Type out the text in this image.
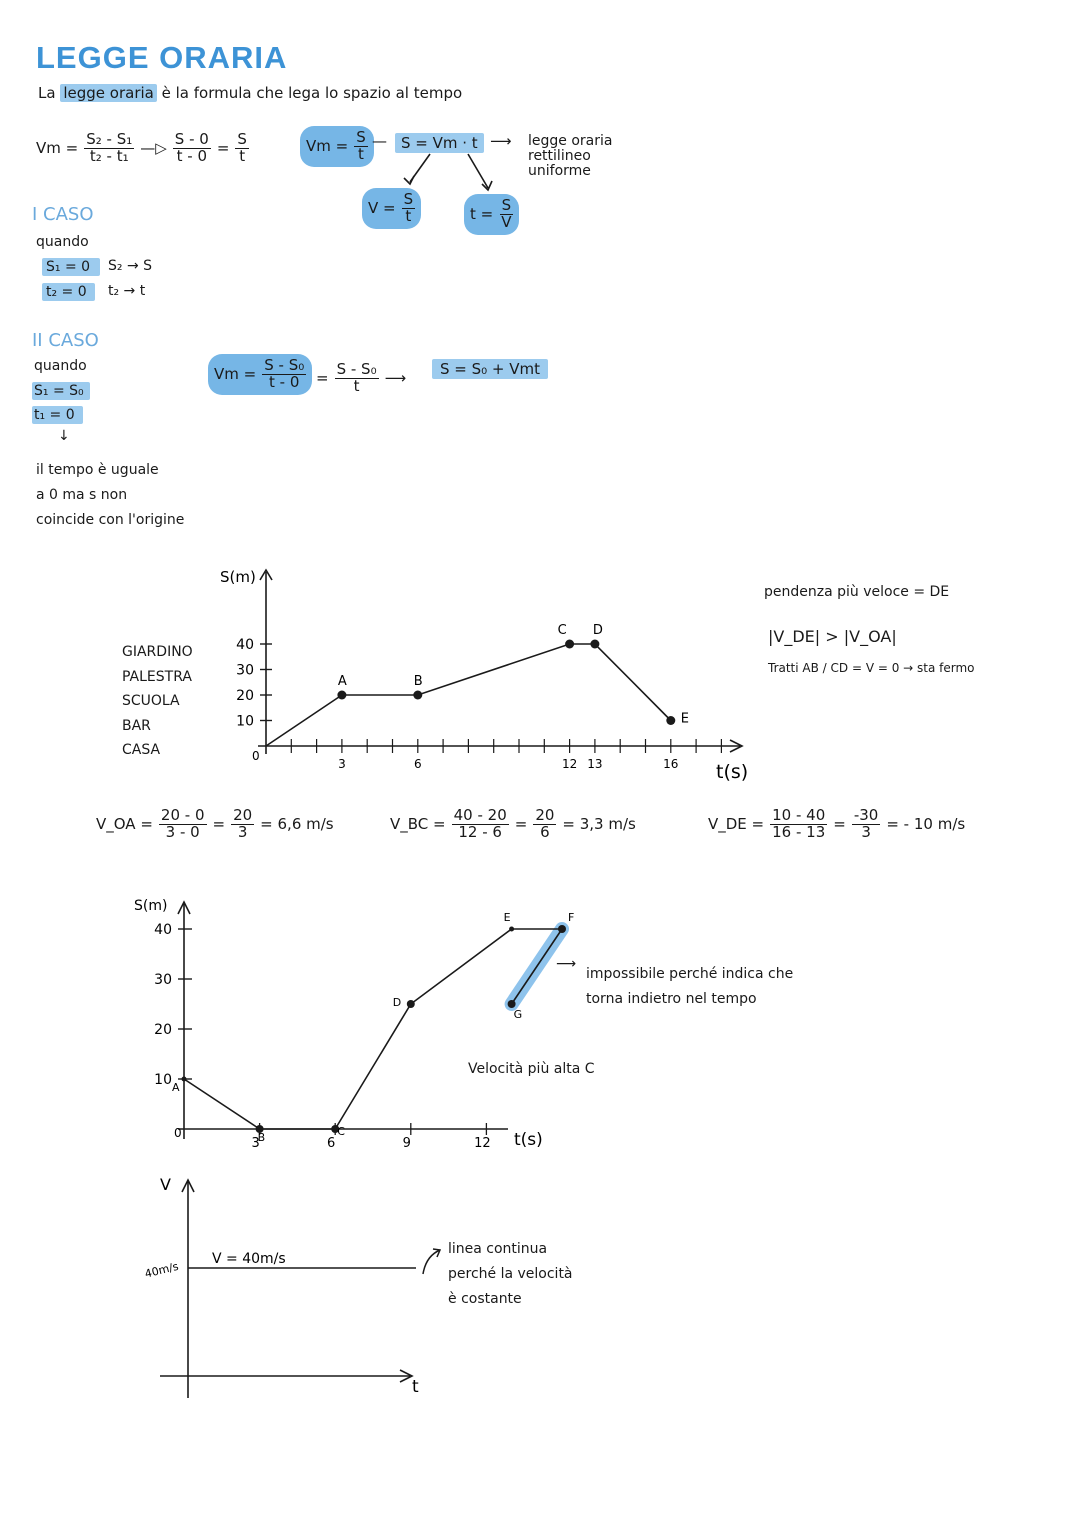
LEGGE ORARIA
La legge oraria è la formula che lega lo spazio al tempo
$Vm = \frac{\text{S₂ - S₁}}{\text{t₂ - t₁}}$ —▷ $\frac{S - 0}{t - 0} = \frac{S}{t}$	$Vm = \frac{S}{t}$ — S = Vm · t ⟶ legge oraria
rettilineo
uniforme
$V = \frac{S}{t}$	$t = \frac{S}{V}$
I CASO
quando
S₁ = 0	S₂ → S
t₂ = 0	t₂ → t
II CASO
quando
S₁ = S₀
t₁ = 0
↓
il tempo è uguale
a 0 ma s non
coincide con l'origine
$Vm = \frac{\text{S - S₀}}{t - 0} = \frac{\text{S - S₀}}{t}$ ⟶
S = S₀ + Vmt
GIARDINO
PALESTRA
SCUOLA
BAR
CASA
S(m)
t(s)
0
10
20
30
40
3	6	12 13	16
A	B
C D
E
pendenza più veloce = DE
|V_DE| > |V_OA|
Tratti AB / CD = V = 0 → sta fermo
V_OA = $\frac{20 - 0}{3 - 0} = \frac{20}{3} = 6,6$ m/s	V_BC = $\frac{40 - 20}{12 - 6} = \frac{20}{6} = 3,3$ m/s	V_DE = $\frac{10 - 40}{16 - 13} = \frac{-30}{3}$ = - 10 m/s
S(m)
t(s)
0
10
20
30
40
3	6	9	12
A
B	C
D
E	F
G
⟶
impossibile perché indica che
torna indietro nel tempo
Velocità più alta C
V
t
40m/s
V = 40m/s
linea continua
perché la velocità
è costante
